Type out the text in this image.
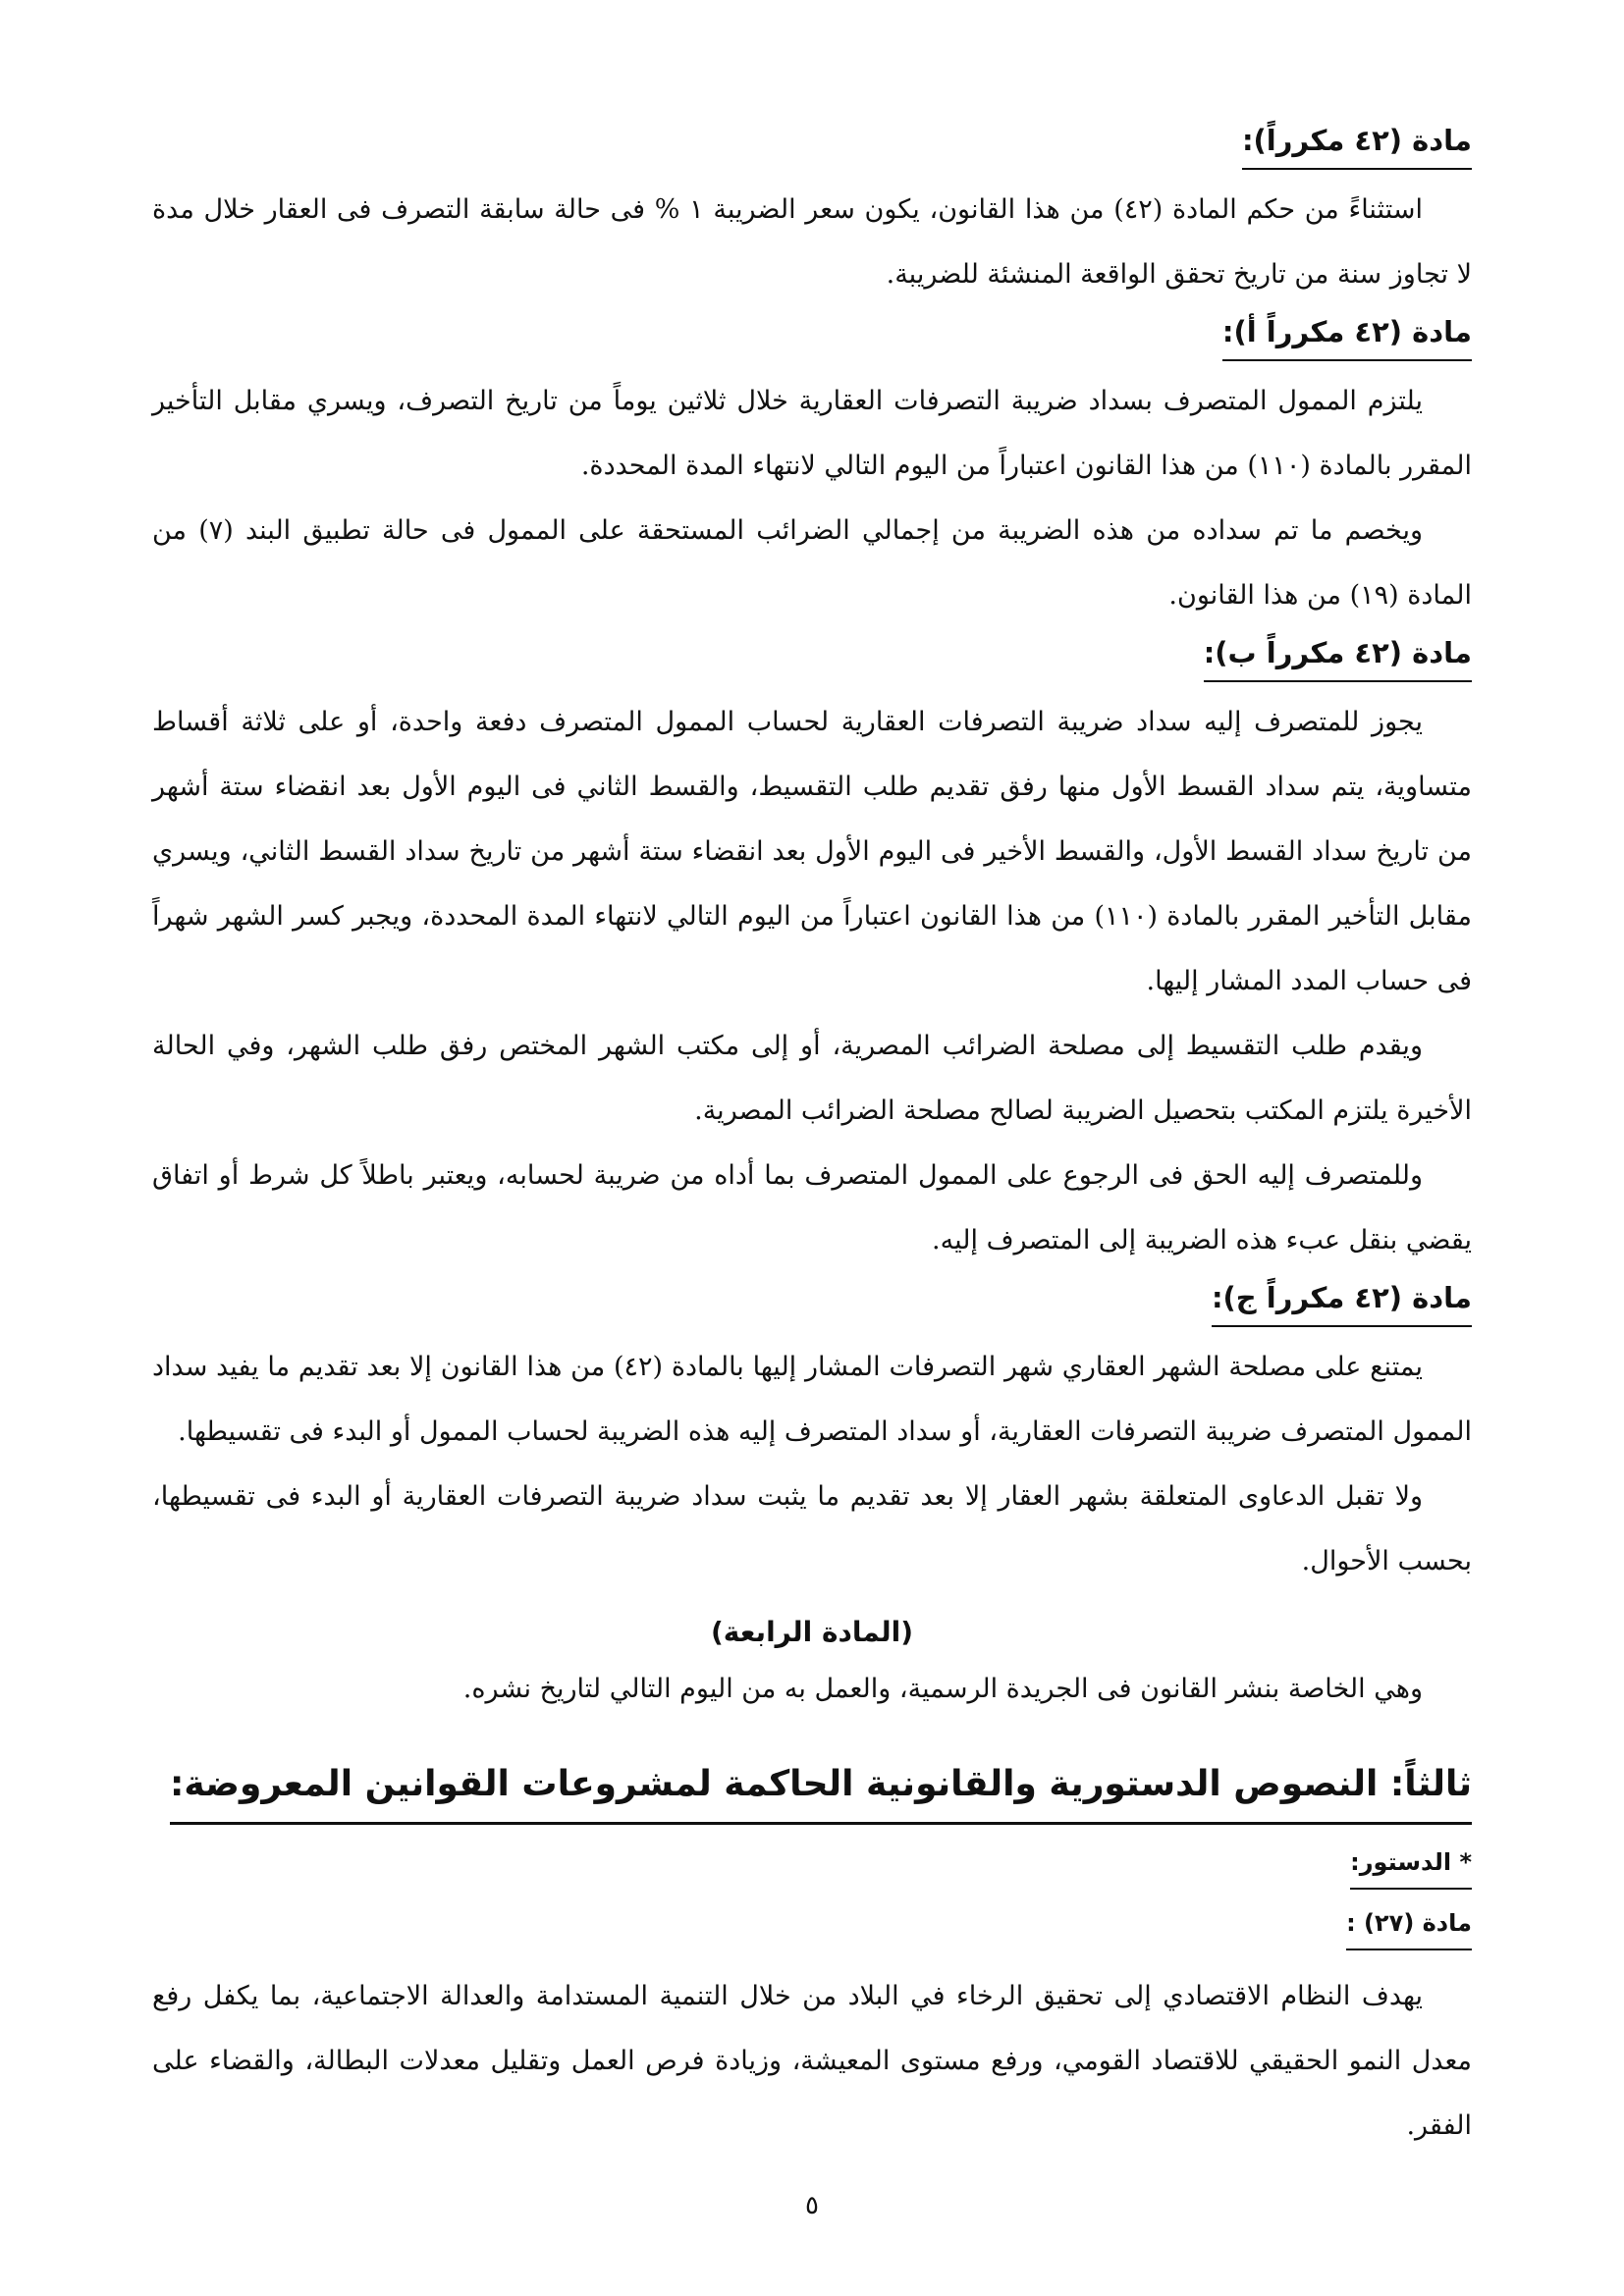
مادة (٤٢ مكرراً):

استثناءً من حكم المادة (٤٢) من هذا القانون، يكون سعر الضريبة ١ % فى حالة سابقة التصرف فى العقار خلال مدة لا تجاوز سنة من تاريخ تحقق الواقعة المنشئة للضريبة.

مادة (٤٢ مكرراً أ):

يلتزم الممول المتصرف بسداد ضريبة التصرفات العقارية خلال ثلاثين يوماً من تاريخ التصرف، ويسري مقابل التأخير المقرر بالمادة (١١٠) من هذا القانون اعتباراً من اليوم التالي لانتهاء المدة المحددة.

ويخصم ما تم سداده من هذه الضريبة من إجمالي الضرائب المستحقة على الممول فى حالة تطبيق البند (٧) من المادة (١٩) من هذا القانون.

مادة (٤٢ مكرراً ب):

يجوز للمتصرف إليه سداد ضريبة التصرفات العقارية لحساب الممول المتصرف دفعة واحدة، أو على ثلاثة أقساط متساوية، يتم سداد القسط الأول منها رفق تقديم طلب التقسيط، والقسط الثاني فى اليوم الأول بعد انقضاء ستة أشهر من تاريخ سداد القسط الأول، والقسط الأخير فى اليوم الأول بعد انقضاء ستة أشهر من تاريخ سداد القسط الثاني، ويسري مقابل التأخير المقرر بالمادة (١١٠) من هذا القانون اعتباراً من اليوم التالي لانتهاء المدة المحددة، ويجبر كسر الشهر شهراً فى حساب المدد المشار إليها.

ويقدم طلب التقسيط إلى مصلحة الضرائب المصرية، أو إلى مكتب الشهر المختص رفق طلب الشهر، وفي الحالة الأخيرة يلتزم المكتب بتحصيل الضريبة لصالح مصلحة الضرائب المصرية.

وللمتصرف إليه الحق فى الرجوع على الممول المتصرف بما أداه من ضريبة لحسابه، ويعتبر باطلاً كل شرط أو اتفاق يقضي بنقل عبء هذه الضريبة إلى المتصرف إليه.

مادة (٤٢ مكرراً ج):

يمتنع على مصلحة الشهر العقاري شهر التصرفات المشار إليها بالمادة (٤٢) من هذا القانون إلا بعد تقديم ما يفيد سداد الممول المتصرف ضريبة التصرفات العقارية، أو سداد المتصرف إليه هذه الضريبة لحساب الممول أو البدء فى تقسيطها.

ولا تقبل الدعاوى المتعلقة بشهر العقار إلا بعد تقديم ما يثبت سداد ضريبة التصرفات العقارية أو البدء فى تقسيطها، بحسب الأحوال.

(المادة الرابعة)

وهي الخاصة بنشر القانون فى الجريدة الرسمية، والعمل به من اليوم التالي لتاريخ نشره.

ثالثاً: النصوص الدستورية والقانونية الحاكمة لمشروعات القوانين المعروضة:
* الدستور:
مادة (٢٧) :

يهدف النظام الاقتصادي إلى تحقيق الرخاء في البلاد من خلال التنمية المستدامة والعدالة الاجتماعية، بما يكفل رفع معدل النمو الحقيقي للاقتصاد القومي، ورفع مستوى المعيشة، وزيادة فرص العمل وتقليل معدلات البطالة، والقضاء على الفقر.

٥
